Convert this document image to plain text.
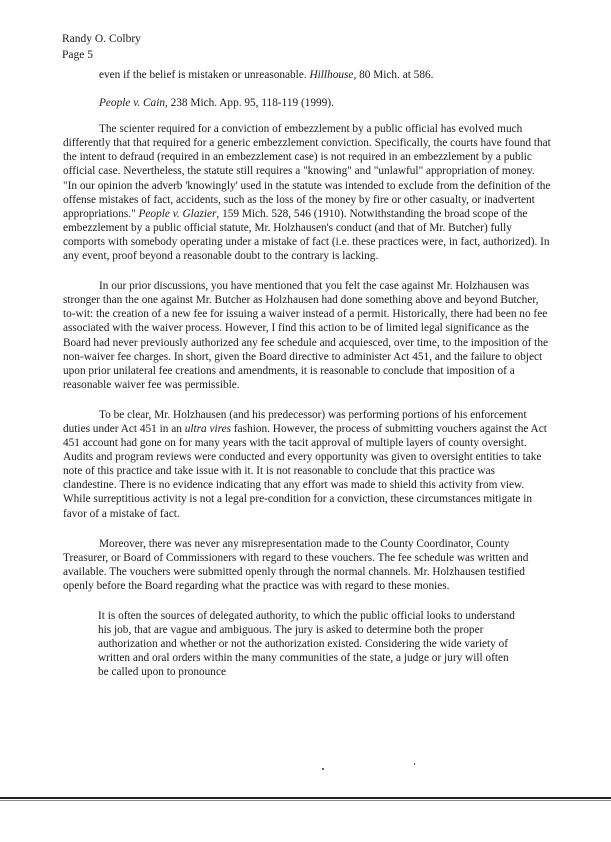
Randy O. Colbry
Page 5

even if the belief is mistaken or unreasonable. Hillhouse, 80 Mich. at 586.

People v. Cain, 238 Mich. App. 95, 118-119 (1999).

The scienter required for a conviction of embezzlement by a public official has evolved much differently that that required for a generic embezzlement conviction. Specifically, the courts have found that the intent to defraud (required in an embezzlement case) is not required in an embezzlement by a public official case. Nevertheless, the statute still requires a "knowing" and "unlawful" appropriation of money. "In our opinion the adverb 'knowingly' used in the statute was intended to exclude from the definition of the offense mistakes of fact, accidents, such as the loss of the money by fire or other casualty, or inadvertent appropriations." People v. Glazier, 159 Mich. 528, 546 (1910). Notwithstanding the broad scope of the embezzlement by a public official statute, Mr. Holzhausen's conduct (and that of Mr. Butcher) fully comports with somebody operating under a mistake of fact (i.e. these practices were, in fact, authorized). In any event, proof beyond a reasonable doubt to the contrary is lacking.

In our prior discussions, you have mentioned that you felt the case against Mr. Holzhausen was stronger than the one against Mr. Butcher as Holzhausen had done something above and beyond Butcher, to-wit: the creation of a new fee for issuing a waiver instead of a permit. Historically, there had been no fee associated with the waiver process. However, I find this action to be of limited legal significance as the Board had never previously authorized any fee schedule and acquiesced, over time, to the imposition of the non-waiver fee charges. In short, given the Board directive to administer Act 451, and the failure to object upon prior unilateral fee creations and amendments, it is reasonable to conclude that imposition of a reasonable waiver fee was permissible.

To be clear, Mr. Holzhausen (and his predecessor) was performing portions of his enforcement duties under Act 451 in an ultra vires fashion. However, the process of submitting vouchers against the Act 451 account had gone on for many years with the tacit approval of multiple layers of county oversight. Audits and program reviews were conducted and every opportunity was given to oversight entities to take note of this practice and take issue with it. It is not reasonable to conclude that this practice was clandestine. There is no evidence indicating that any effort was made to shield this activity from view. While surreptitious activity is not a legal pre-condition for a conviction, these circumstances mitigate in favor of a mistake of fact.

Moreover, there was never any misrepresentation made to the County Coordinator, County Treasurer, or Board of Commissioners with regard to these vouchers. The fee schedule was written and available. The vouchers were submitted openly through the normal channels. Mr. Holzhausen testified openly before the Board regarding what the practice was with regard to these monies.

It is often the sources of delegated authority, to which the public official looks to understand his job, that are vague and ambiguous. The jury is asked to determine both the proper authorization and whether or not the authorization existed. Considering the wide variety of written and oral orders within the many communities of the state, a judge or jury will often be called upon to pronounce
